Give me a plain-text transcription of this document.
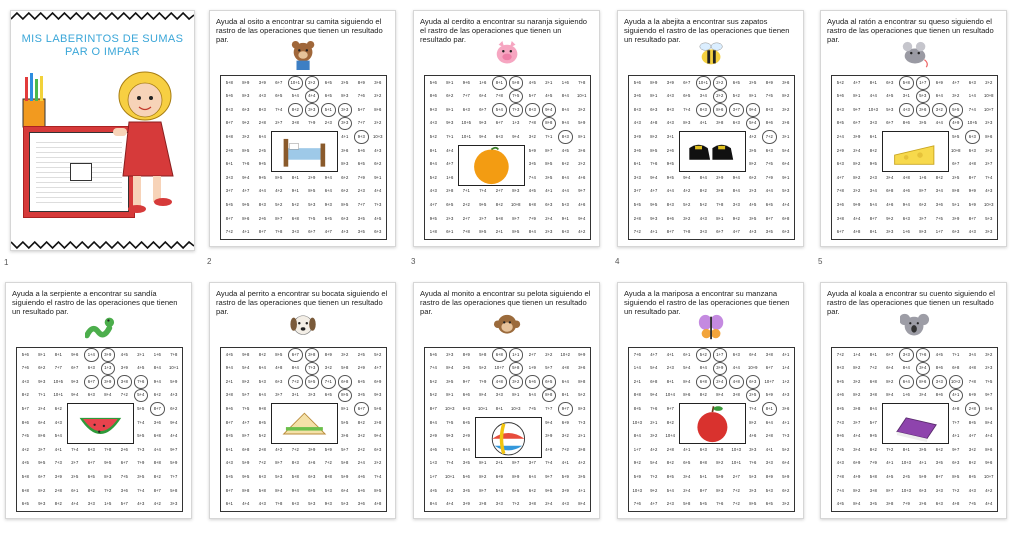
MIS LABERINTOS DE SUMAS
PAR O IMPAR
1
Ayuda al osito a encontrar su camita siguiendo el rastro de las operaciones que tienen un resultado par.
5+8	8+9	3+9	6+7	10+1	2+2	6+5	2+5	8+9	3+6
5+6	8+3	4+3	6+5	5+4	4+4	6+5	8+3	7+6	2+2
8+3	6+3	8+3	7+4	8+2	3+3	5+1	3+3	5+7	8+6
8+7	9+2	2+8	2+7	3+8	7+9	2+3	3+3	7+7	2+2
6+8	3+2	6+4	4+1	9+3	10+3
2+6	8+5	2+5	3+6	5+6	4+3
6+1	7+6	9+5	8+3	6+5	6+2
3+3	9+4	9+5	8+5	8+1	2+9	9+4	6+2	7+9	9+1
3+7	4+7	4+4	4+2	9+1	8+5	6+4	6+2	2+3	4+4
5+5	9+5	8+3	5+2	5+2	5+3	9+3	8+5	7+7	7+3
8+7	8+6	2+6	8+7	6+8	7+5	5+5	6+3	3+5	4+5
7+2	4+1	8+7	7+8	3+3	6+7	4+7	4+3	3+5	6+3
2
Ayuda al cerdito a encontrar su naranja siguiendo el rastro de las operaciones que tienen un resultado par.
5+6	8+1	9+6	1+6	8+1	5+8	4+5	2+1	1+6	7+8
8+6	6+2	7+7	6+4	7+8	7+5	5+7	4+5	8+4	10+1
9+3	8+1	6+3	6+7	5+4	7+3	8+3	9+4	8+4	3+2
4+3	9+3	10+5	9+3	6+7	1+3	7+8	8+8	9+4	5+9
5+2	7+1	10+1	9+4	6+3	9+4	3+2	7+1	8+3	8+1
8+1	4+4	5+9	8+7	4+5	3+6
8+4	4+7	3+5	8+5	6+2	2+2
5+2	1+6	7+4	3+5	8+4	4+6
4+3	2+8	7+1	7+4	2+7	8+3	4+5	4+1	4+4	9+7
4+7	6+5	2+2	9+5	8+2	10+8	6+8	6+3	5+3	4+6
9+5	2+3	2+7	2+7	5+8	8+7	7+9	2+4	9+1	9+4
1+8	6+1	7+8	8+5	2+1	8+5	8+4	2+3	6+3	4+2
3
Ayuda a la abejita a encontrar sus zapatos siguiendo el rastro de las operaciones que tienen un resultado par.
5+6	8+9	3+9	6+7	10+1	2+2	6+5	2+5	8+9	3+6
3+6	8+1	4+3	6+5	3+4	2+2	5+2	8+1	7+5	8+2
8+3	6+3	8+3	7+4	8+3	8+6	3+7	9+4	8+3	3+2
4+3	4+8	4+3	8+3	4+1	3+8	6+3	5+4	8+6	2+6
3+9	8+2	3+1	4+2	7+2	3+1
3+6	8+5	2+6	3+5	6+3	5+4
6+1	7+6	9+5	8+2	7+5	6+4
3+3	9+4	9+5	9+4	8+4	2+9	9+4	6+2	7+9	9+1
3+7	4+7	4+4	4+2	8+2	3+8	8+4	2+3	4+4	5+3
5+5	9+5	8+3	5+2	5+2	7+8	3+3	4+5	6+5	4+4
2+8	9+3	8+6	3+2	4+3	8+1	9+2	3+5	8+7	6+8
7+2	4+1	8+7	7+8	3+3	6+7	4+7	4+3	3+5	6+3
4
Ayuda al ratón a encontrar su queso siguiendo el rastro de las operaciones que tienen un resultado par.
5+2	4+7	8+1	6+3	5+8	1+7	6+9	4+7	6+3	2+2
5+6	8+1	4+4	4+5	3+1	5+3	6+4	3+2	1+4	10+8
8+3	9+7	10+3	5+3	4+3	3+6	3+2	5+5	7+4	10+7
8+5	6+7	3+3	6+7	8+6	3+5	4+4	4+9	10+5	2+3
2+4	3+9	6+1	5+5	6+3	8+6
2+9	2+4	8+2	10+8	6+3	3+2
6+3	8+2	9+5	6+7	4+8	2+7
4+7	8+2	2+3	3+4	4+8	1+6	8+2	2+5	8+7	7+4
7+8	2+2	3+4	6+8	4+6	8+7	3+4	8+8	9+9	4+3
3+6	9+9	5+4	4+6	9+4	6+2	3+6	5+1	5+9	10+3
3+8	4+4	8+7	9+2	6+3	3+7	7+5	3+9	8+7	5+3
6+7	4+8	8+1	3+3	1+6	8+3	1+7	6+3	4+3	3+3
5
Ayuda a la serpiente a encontrar su sandía siguiendo el rastro de las operaciones que tienen un resultado par.
5+6	8+1	8+1	9+6	1+4	3+9	4+5	2+1	1+6	7+8
7+6	6+2	7+7	6+7	6+3	1+3	3+9	4+5	8+4	10+1
4+3	9+3	10+5	9+3	6+7	3+9	3+8	7+6	9+4	5+9
8+2	7+1	10+1	9+4	6+3	8+4	7+2	5+4	6+2	4+3
5+7	2+4	6+2	5+5	8+7	6+2
8+6	6+4	4+3	7+4	3+6	9+4
7+5	8+6	5+4	5+5	6+8	4+4
4+2	3+7	4+1	7+4	6+3	7+8	2+6	7+3	4+4	9+7
4+5	9+5	7+3	2+7	6+7	9+5	6+7	7+9	8+8	5+9
5+8	6+7	3+9	2+5	6+5	8+3	7+5	3+5	8+2	7+7
6+8	8+2	2+8	6+1	8+2	7+2	3+6	7+4	8+7	5+8
6+5	9+3	8+2	4+4	3+3	1+5	5+7	4+3	4+2	3+3
Ayuda al perrito a encontrar su bocata siguiendo el rastro de las operaciones que tienen un resultado par.
4+5	9+8	8+2	8+5	6+7	3+8	8+9	3+2	2+5	5+2
9+4	5+4	6+4	4+8	8+4	7+3	3+2	5+8	2+9	4+7
2+1	8+2	5+3	6+3	7+2	5+5	7+1	6+8	6+5	6+9
3+8	5+7	6+4	3+7	3+1	3+3	6+5	8+5	3+5	9+3
9+6	7+5	9+8	8+1	6+7	5+6
8+7	4+7	8+5	5+5	8+2	2+8
8+5	8+7	5+2	3+6	3+2	9+4
6+1	6+8	2+8	4+2	7+2	3+9	5+9	5+7	2+2	6+3
4+3	5+9	7+2	8+7	8+3	4+6	7+2	5+8	2+4	2+2
5+5	9+5	6+3	5+3	5+8	6+3	8+8	5+9	4+6	7+4
8+7	8+8	5+8	8+4	9+4	6+5	5+3	6+4	5+6	8+5
6+1	4+4	4+3	7+8	6+3	5+3	9+3	5+3	3+6	4+8
Ayuda al monito a encontrar su pelota siguiendo el rastro de las operaciones que tienen un resultado par.
5+6	2+3	8+9	5+8	6+8	1+1	2+7	2+2	10+2	9+9
7+4	8+4	3+5	5+2	10+7	5+8	1+9	5+7	4+8	3+6
5+2	3+5	9+7	7+9	4+8	3+2	5+6	6+5	6+4	8+8
5+2	8+1	6+6	8+4	3+3	8+1	5+4	8+8	8+1	5+2
8+7	10+3	6+3	10+1	8+1	10+3	7+5	7+7	9+7	8+3
8+4	7+5	6+5	9+4	6+9	7+3
2+9	9+3	2+9	3+9	3+2	2+1
4+6	7+1	6+4	4+8	7+2	3+8
1+3	7+4	3+5	8+1	2+1	8+7	3+7	7+4	4+1	4+2
1+7	10+1	5+6	8+2	6+9	8+9	6+4	9+7	5+9	3+5
4+5	4+2	3+5	8+7	5+4	6+5	6+2	9+5	3+9	4+1
8+4	4+4	3+9	2+8	3+3	7+2	3+8	2+4	4+3	8+4
Ayuda a la mariposa a encontrar su manzana siguiendo el rastro de las operaciones que tienen un resultado par.
7+6	4+7	4+1	6+1	5+2	1+7	6+3	6+4	3+8	4+1
1+4	5+4	2+3	5+4	8+4	3+9	4+4	10+9	6+7	1+4
2+1	6+8	8+1	8+4	6+8	2+4	4+8	6+3	10+7	1+2
8+8	9+4	10+4	8+6	8+2	8+4	3+8	2+5	5+9	4+3
8+5	7+6	9+7	7+4	8+1	3+6
10+3	2+1	8+2	8+2	6+4	4+1
8+4	3+2	10+4	4+6	2+8	7+3
1+7	4+2	2+8	4+1	6+3	2+8	10+3	3+3	4+1	5+2
9+2	5+4	8+2	6+5	8+8	8+2	10+1	7+6	3+3	6+4
5+9	7+2	8+5	3+4	5+1	5+9	2+7	5+3	8+9	5+9
10+3	9+2	5+4	2+4	8+7	8+3	7+2	3+3	5+3	6+2
7+6	4+7	2+3	5+8	5+5	7+6	7+2	8+5	6+5	3+2
Ayuda al koala a encontrar su cuento siguiendo el rastro de las operaciones que tienen un resultado par.
7+2	1+4	8+1	6+7	3+3	7+6	4+5	7+1	3+4	3+2
9+3	8+2	7+2	6+4	8+4	3+4	8+6	6+8	4+8	2+3
9+5	3+2	6+8	8+2	6+4	8+6	3+3	10+2	7+8	7+5
4+6	8+2	3+8	8+4	1+6	3+4	8+6	4+1	6+9	9+7
8+5	3+8	8+4	4+8	2+8	5+6
7+3	3+7	5+7	7+7	8+5	8+4
9+6	4+4	9+5	4+1	4+7	4+4
7+5	3+4	8+2	7+2	8+1	3+5	6+2	9+7	3+2	8+6
4+3	6+9	7+9	4+1	10+3	4+1	3+5	6+3	8+2	9+6
7+8	4+9	5+8	4+5	2+5	5+9	8+7	8+5	8+5	10+7
7+4	8+2	3+8	8+7	10+3	6+3	3+3	7+2	4+3	4+2
4+5	8+4	3+5	3+8	7+9	2+6	6+3	4+8	7+5	4+4
